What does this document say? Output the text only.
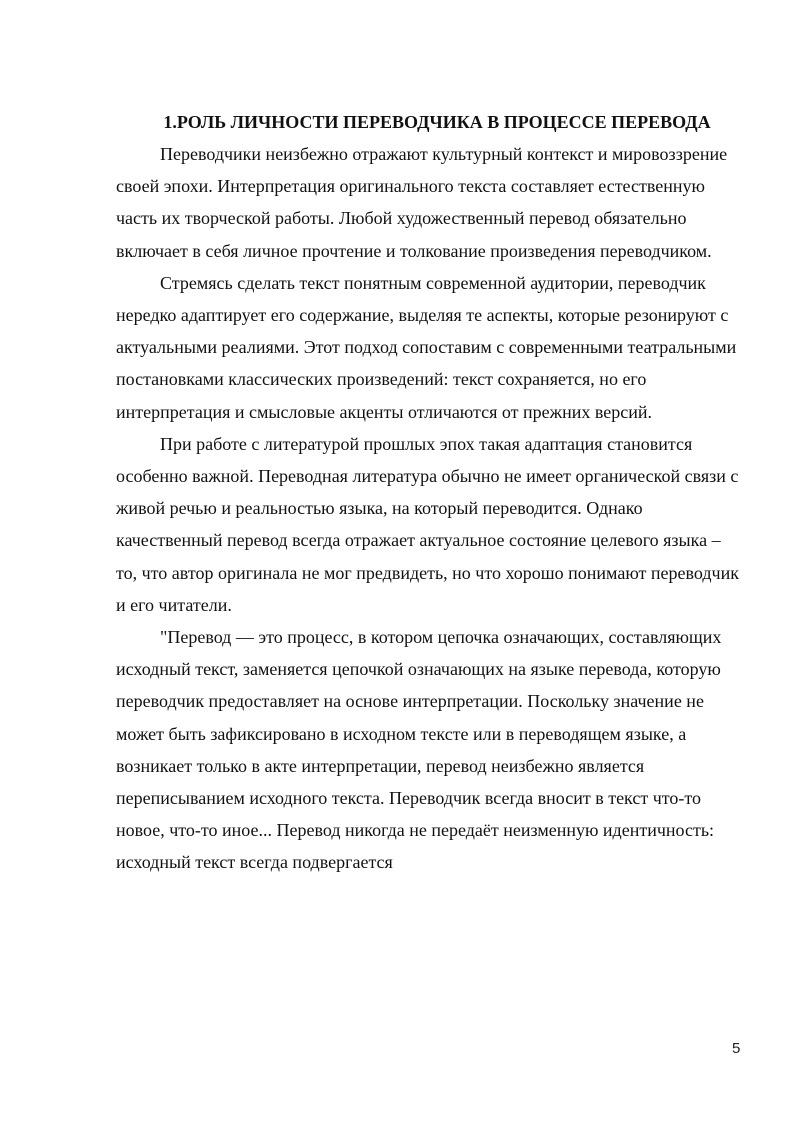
1.РОЛЬ ЛИЧНОСТИ ПЕРЕВОДЧИКА В ПРОЦЕССЕ ПЕРЕВОДА

Переводчики неизбежно отражают культурный контекст и мировоззрение своей эпохи. Интерпретация оригинального текста составляет естественную часть их творческой работы. Любой художественный перевод обязательно включает в себя личное прочтение и толкование произведения переводчиком.

Стремясь сделать текст понятным современной аудитории, переводчик нередко адаптирует его содержание, выделяя те аспекты, которые резонируют с актуальными реалиями. Этот подход сопоставим с современными театральными постановками классических произведений: текст сохраняется, но его интерпретация и смысловые акценты отличаются от прежних версий.

При работе с литературой прошлых эпох такая адаптация становится особенно важной. Переводная литература обычно не имеет органической связи с живой речью и реальностью языка, на который переводится. Однако качественный перевод всегда отражает актуальное состояние целевого языка – то, что автор оригинала не мог предвидеть, но что хорошо понимают переводчик и его читатели.

"Перевод — это процесс, в котором цепочка означающих, составляющих исходный текст, заменяется цепочкой означающих на языке перевода, которую переводчик предоставляет на основе интерпретации. Поскольку значение не может быть зафиксировано в исходном тексте или в переводящем языке, а возникает только в акте интерпретации, перевод неизбежно является переписыванием исходного текста. Переводчик всегда вносит в текст что-то новое, что-то иное... Перевод никогда не передаёт неизменную идентичность: исходный текст всегда подвергается

5
